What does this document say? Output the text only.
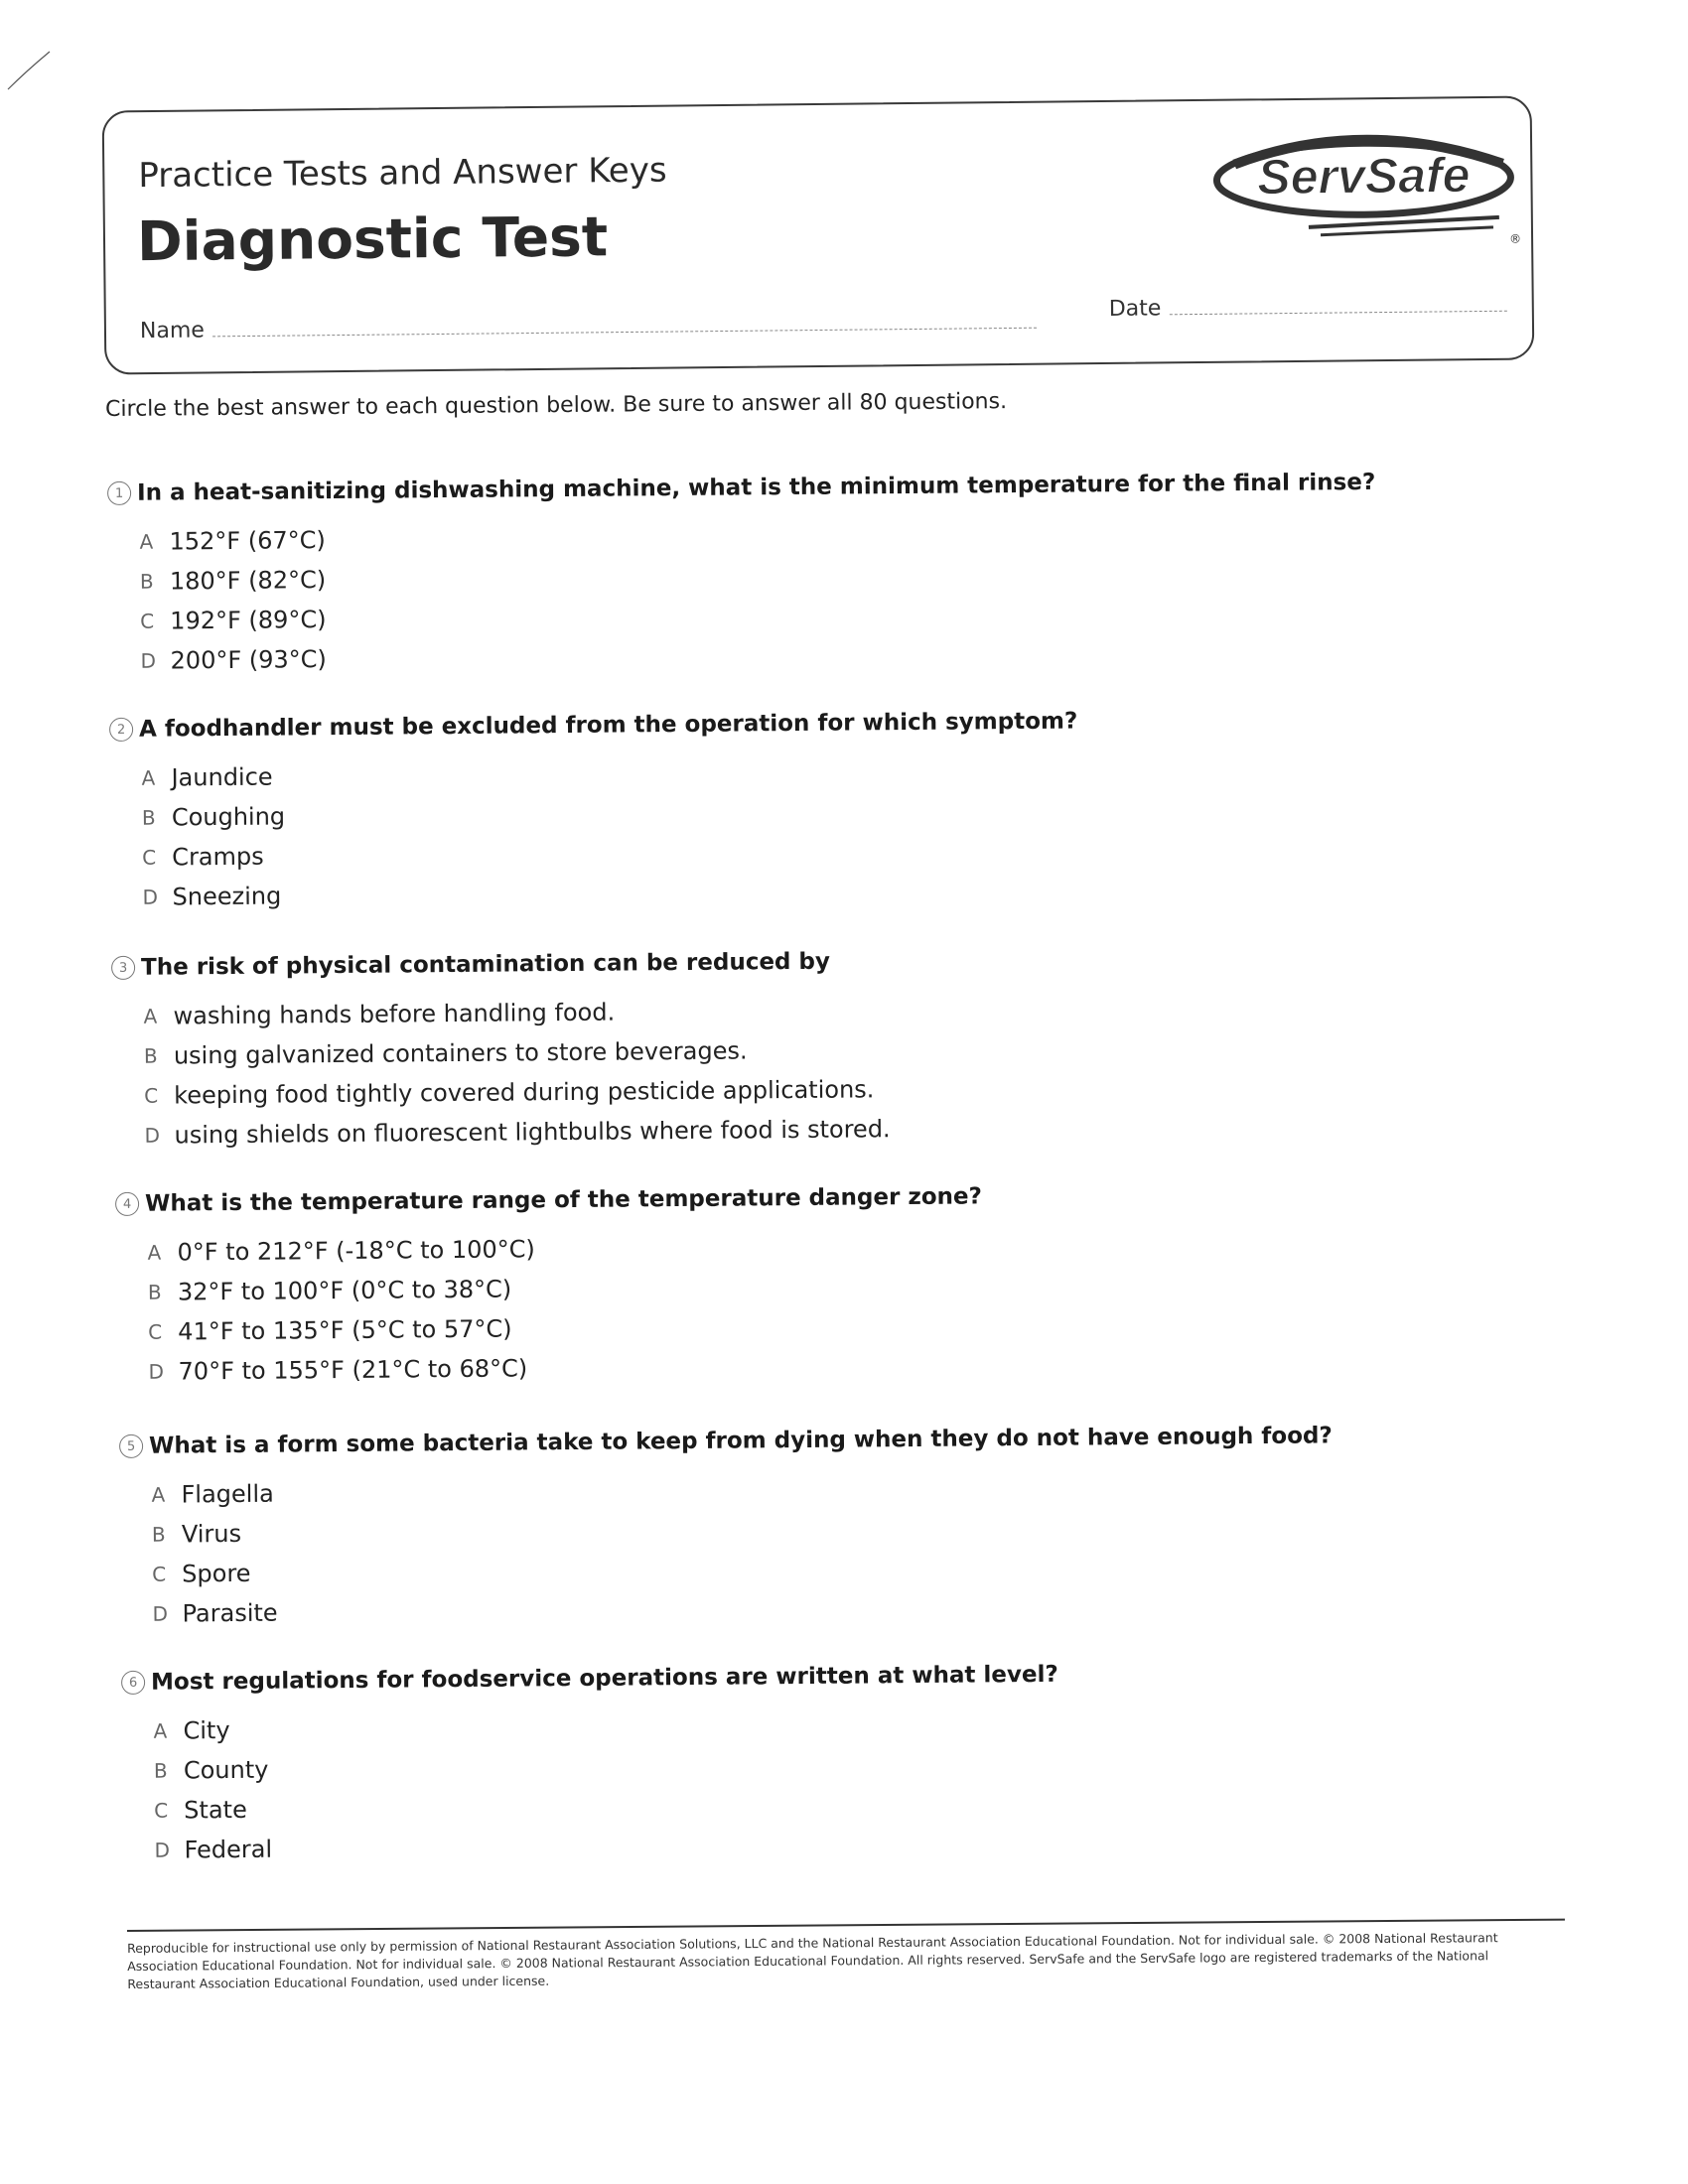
Practice Tests and Answer Keys
Diagnostic Test
Name
Date
ServSafe
®
Circle the best answer to each question below. Be sure to answer all 80 questions.
1 In a heat-sanitizing dishwashing machine, what is the minimum temperature for the final rinse?
A 152°F (67°C)
B 180°F (82°C)
C 192°F (89°C)
D 200°F (93°C)
2 A foodhandler must be excluded from the operation for which symptom?
A Jaundice
B Coughing
C Cramps
D Sneezing
3 The risk of physical contamination can be reduced by
A washing hands before handling food.
B using galvanized containers to store beverages.
C keeping food tightly covered during pesticide applications.
D using shields on fluorescent lightbulbs where food is stored.
4 What is the temperature range of the temperature danger zone?
A 0°F to 212°F (-18°C to 100°C)
B 32°F to 100°F (0°C to 38°C)
C 41°F to 135°F (5°C to 57°C)
D 70°F to 155°F (21°C to 68°C)
5 What is a form some bacteria take to keep from dying when they do not have enough food?
A Flagella
B Virus
C Spore
D Parasite
6 Most regulations for foodservice operations are written at what level?
A City
B County
C State
D Federal
Reproducible for instructional use only by permission of National Restaurant Association Solutions, LLC and the National Restaurant Association Educational Foundation. Not for individual sale. © 2008 National Restaurant Association Educational Foundation. Not for individual sale. © 2008 National Restaurant Association Educational Foundation. All rights reserved. ServSafe and the ServSafe logo are registered trademarks of the National Restaurant Association Educational Foundation, used under license.
